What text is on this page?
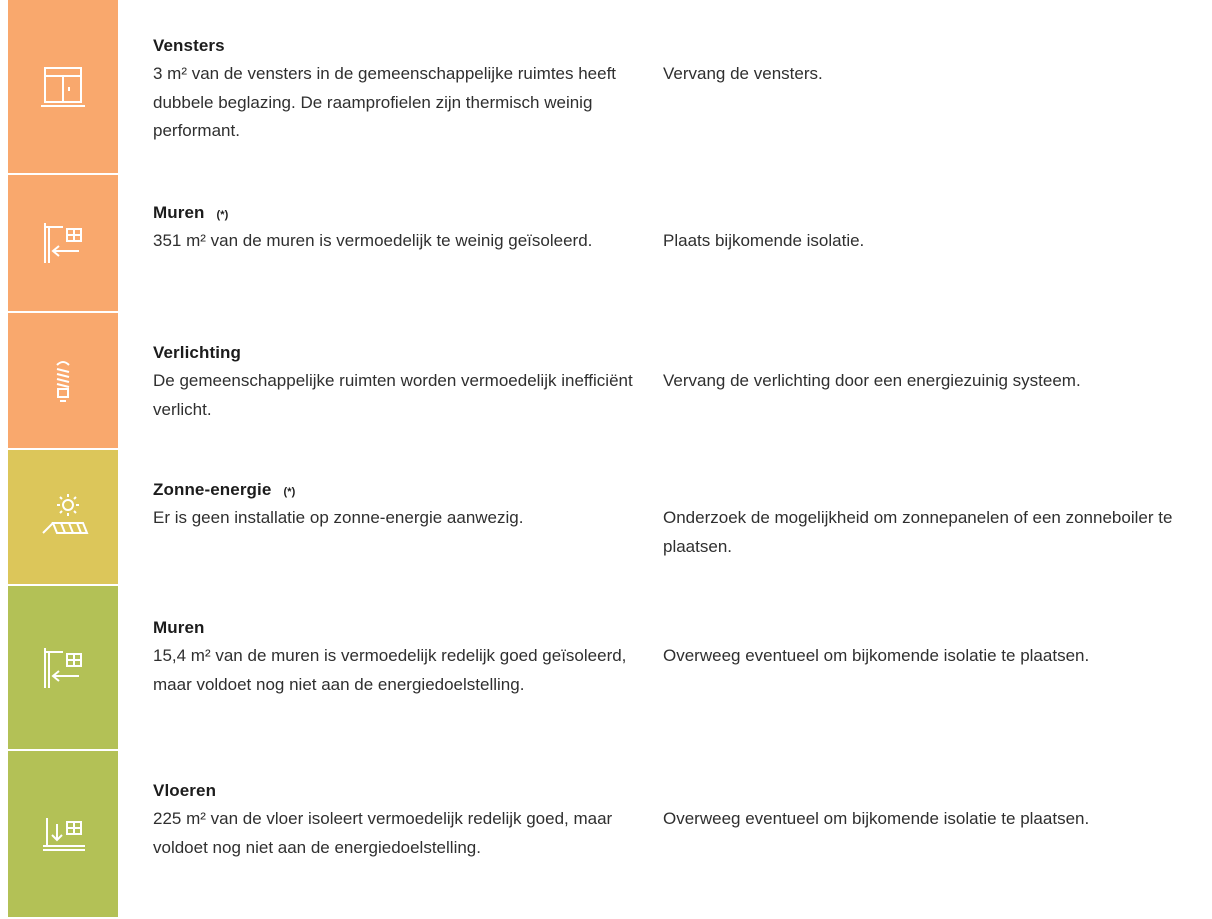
Vensters
3 m² van de vensters in de gemeenschappelijke ruimtes heeft dubbele beglazing. De raamprofielen zijn thermisch weinig performant.
Vervang de vensters.
Muren (*)
351 m² van de muren is vermoedelijk te weinig geïsoleerd.	Plaats bijkomende isolatie.
Verlichting
De gemeenschappelijke ruimten worden vermoedelijk inefficiënt verlicht.
Vervang de verlichting door een energiezuinig systeem.
Zonne-energie (*)
Er is geen installatie op zonne-energie aanwezig.	Onderzoek de mogelijkheid om zonnepanelen of een zonneboiler te plaatsen.
Muren
15,4 m² van de muren is vermoedelijk redelijk goed geïsoleerd, maar voldoet nog niet aan de energiedoelstelling.
Overweeg eventueel om bijkomende isolatie te plaatsen.
Vloeren
225 m² van de vloer isoleert vermoedelijk redelijk goed, maar voldoet nog niet aan de energiedoelstelling.
Overweeg eventueel om bijkomende isolatie te plaatsen.
